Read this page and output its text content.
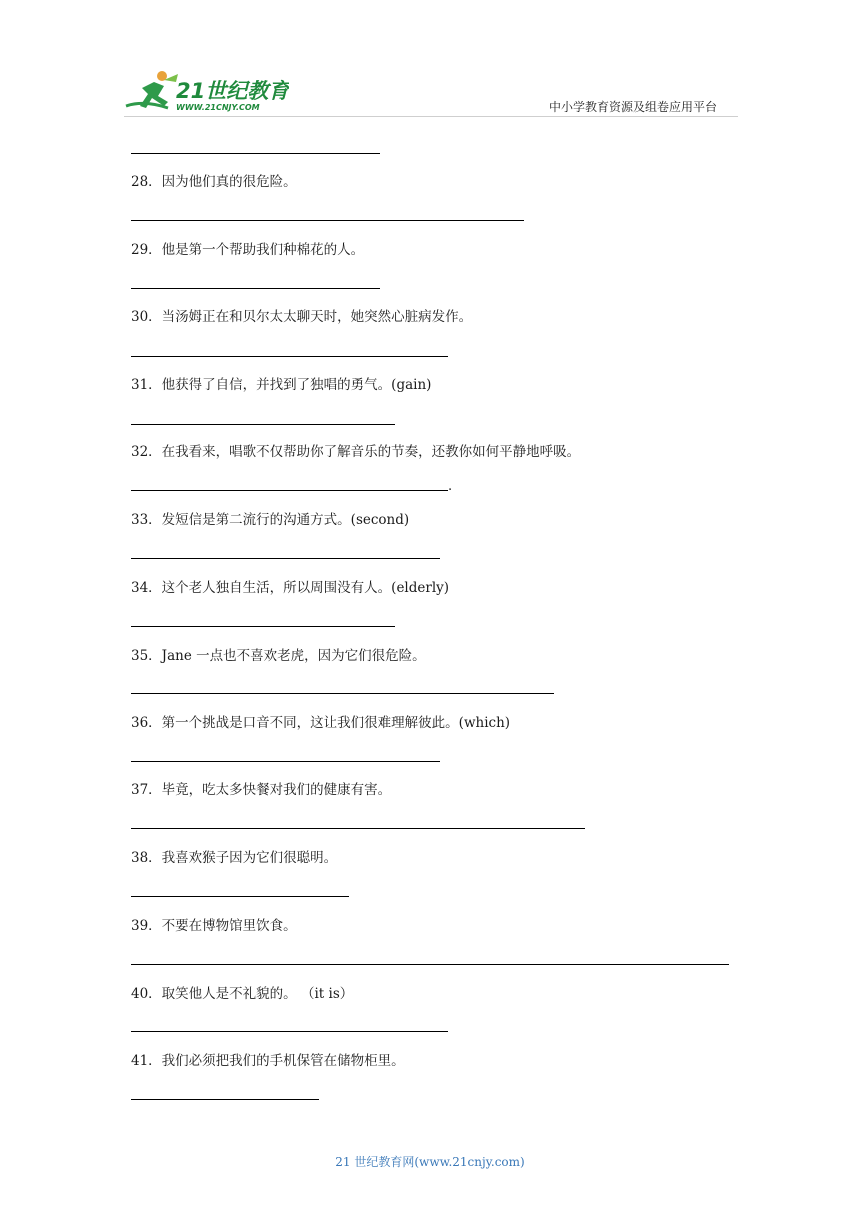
21世纪教育
WWW.21CNJY.COM	中小学教育资源及组卷应用平台
28．因为他们真的很危险。
29．他是第一个帮助我们种棉花的人。
30．当汤姆正在和贝尔太太聊天时，她突然心脏病发作。
31．他获得了自信，并找到了独唱的勇气。(gain)
32．在我看来，唱歌不仅帮助你了解音乐的节奏，还教你如何平静地呼吸。
.
33．发短信是第二流行的沟通方式。(second)
34．这个老人独自生活，所以周围没有人。(elderly)
35．Jane 一点也不喜欢老虎，因为它们很危险。
36．第一个挑战是口音不同，这让我们很难理解彼此。(which)
37．毕竟，吃太多快餐对我们的健康有害。
38．我喜欢猴子因为它们很聪明。
39．不要在博物馆里饮食。
40．取笑他人是不礼貌的。 （it is）
41．我们必须把我们的手机保管在储物柜里。
21 世纪教育网(www.21cnjy.com)
